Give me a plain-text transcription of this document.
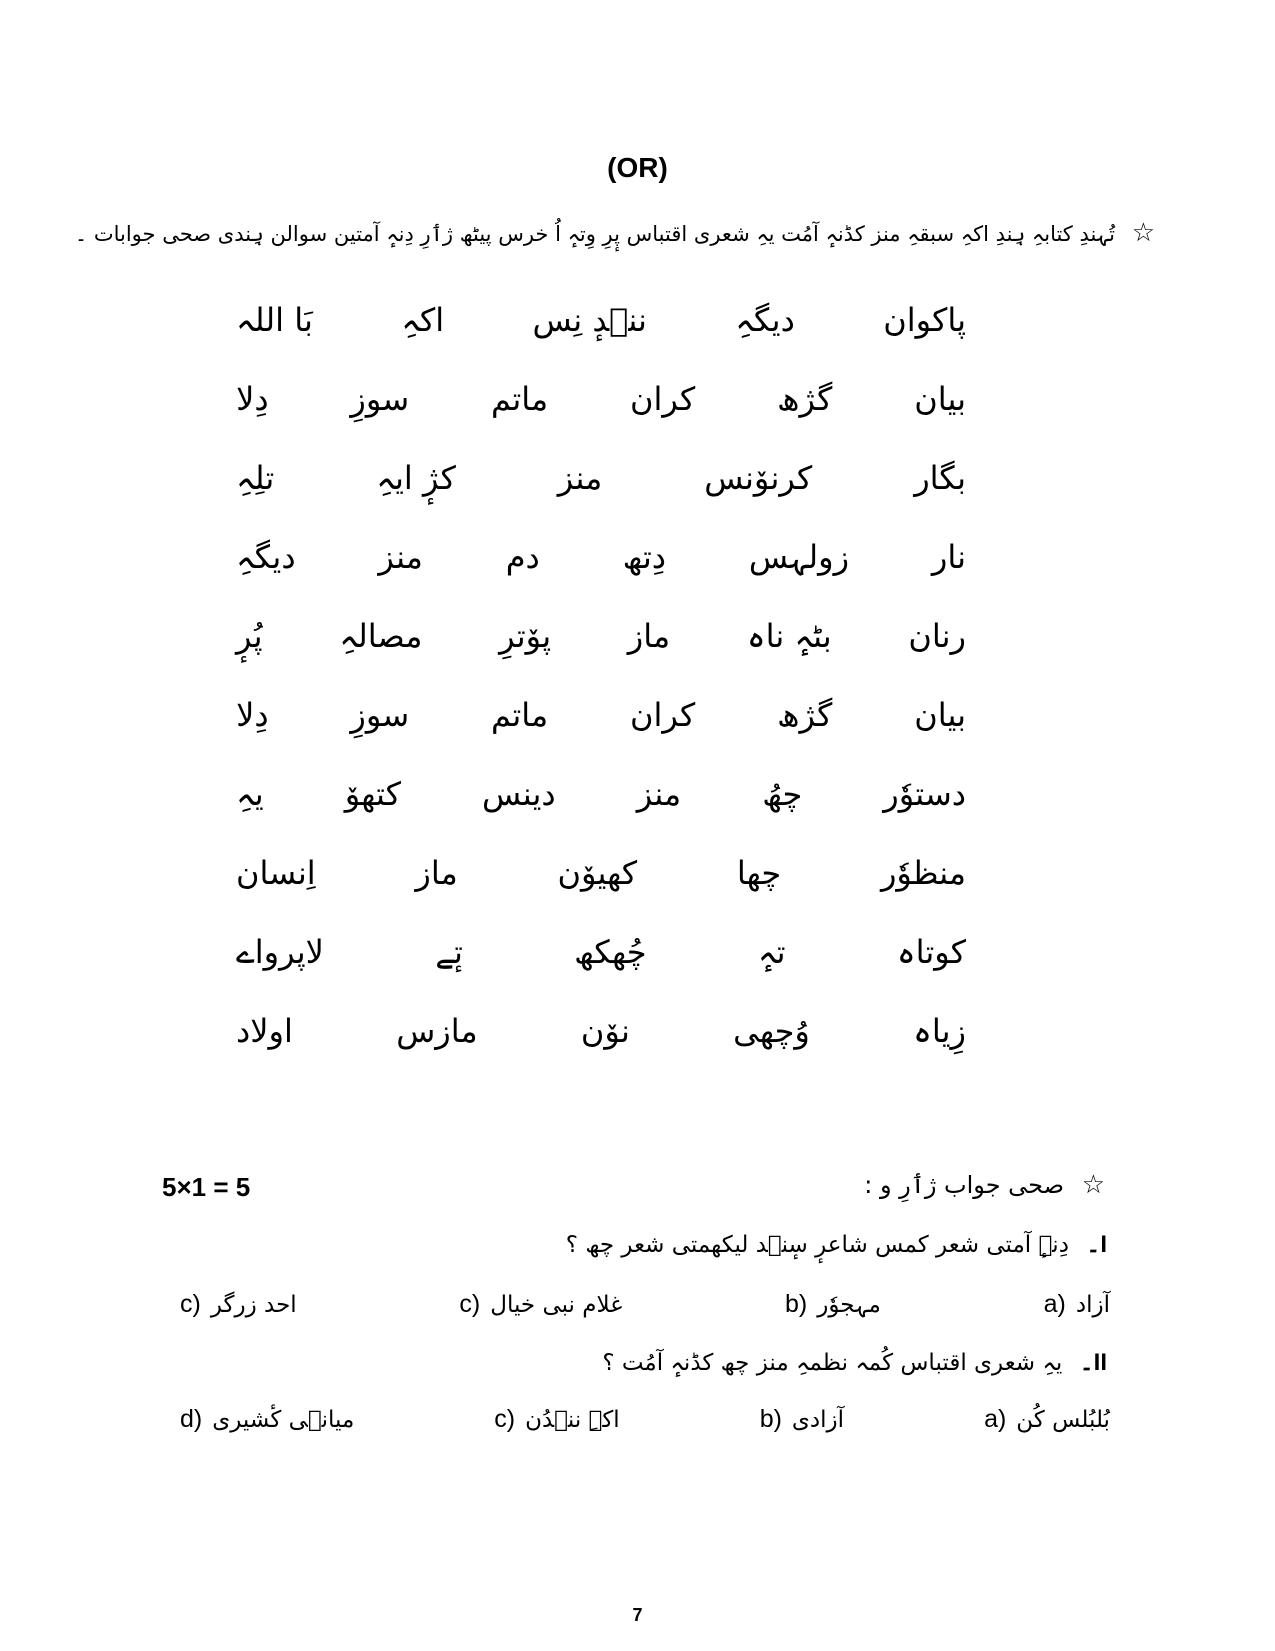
(OR)
☆ تُہندِ کتابہِ ہِندِ اکہِ سبقہِ منز کڈنہٕ آمُت یہِ شعری اقتباس پٕرِ وِتہٕ اُ خرس پیٹھ ژٲرِ دِنہٕ آمتین سوالن ہِندی صحی جوابات ۔
بَا اللہ	اکہِ	ننٛدٕ نِس	دیگہِ	پاکوان
دِلا	سوزِ	ماتم	کران	گژھ	بیان
تلِہِ	کژٕ ایہِ	منز	کرنوٚنس	بگار
دیگہِ	منز	دم	دِتھ	زولہس	نار
پُرٕ مصالہِ پوٚترِ ماز بٹہٕ ناہ رنان
دِلا	سوزِ	ماتم	کران	گژھ	بیان
یہِ	کتھوٚ	دینس	منز	چھُ	دستوٗر
اِنسان	ماز	کھیوٚن	چھا	منظوٗر
لاپرواے	تٕے	چُھکھ	تہٕ	کوتاہ
اولاد	مازس	نوٚن	وُچھی	زِیاہ
5×1 = 5	☆ صحی جواب ژٲرِ و :
I۔ دِنہٕ آمتی شعر کمس شاعرٕ سٕنٛد لیکھمتی شعر چھ ؟
a) آزاد
b) مہجوٗر
c) غلام نبی خیال
c) احد زرگر
II۔ یہِ شعری اقتباس کُمہ نظمہِ منز چھ کڈنہٕ آمُت ؟
a) بُلبُلس کُن
b) آزادی
c) اکہِ ننٛدُن
d) میانٛی کٔشیری
7
